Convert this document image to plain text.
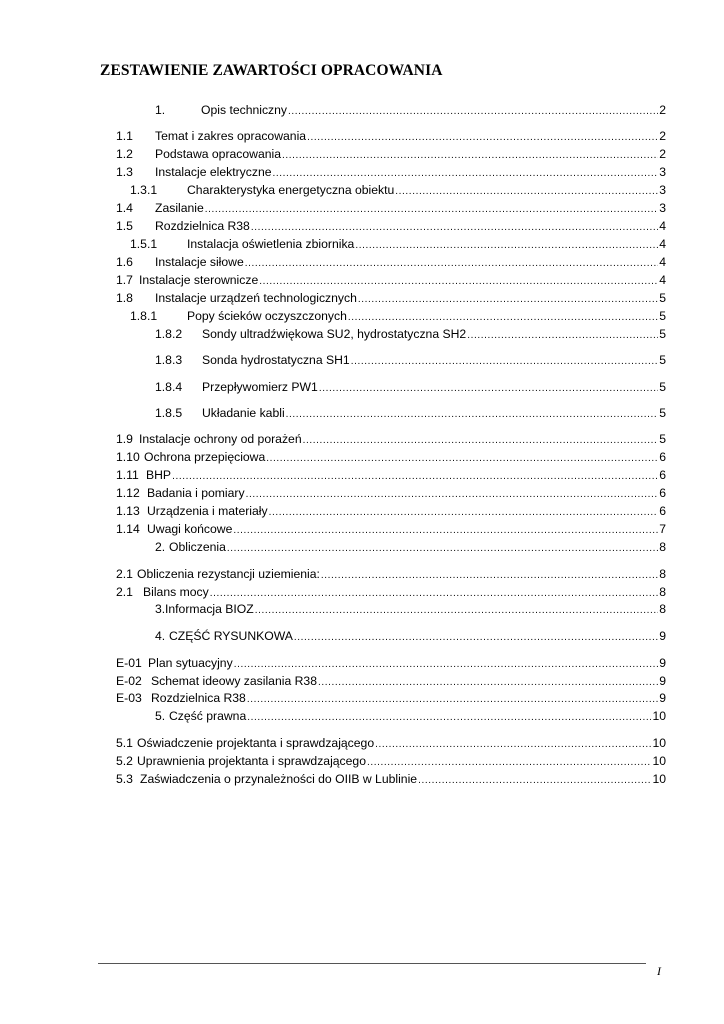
ZESTAWIENIE ZAWARTOŚCI OPRACOWANIA
1.	Opis techniczny .....	2
1.1	Temat i zakres opracowania .....	2
1.2	Podstawa opracowania .....	2
1.3	Instalacje elektryczne .....	3
1.3.1	Charakterystyka energetyczna obiektu .....	3
1.4	Zasilanie .....	3
1.5	Rozdzielnica R38 .....	4
1.5.1	Instalacja oświetlenia zbiornika .....	4
1.6	Instalacje siłowe .....	4
1.7 Instalacje sterownicze .....	4
1.8	Instalacje urządzeń technologicznych .....	5
1.8.1	Popy ścieków oczyszczonych .....	5
1.8.2	Sondy ultradźwiękowa SU2, hydrostatyczna SH2 .....	5
1.8.3	Sonda hydrostatyczna SH1 .....	5
1.8.4	Przepływomierz PW1 .....	5
1.8.5	Układanie kabli .....	5
1.9 Instalacje ochrony od porażeń .....	5
1.10 Ochrona przepięciowa .....	6
1.11 BHP .....	6
1.12 Badania i pomiary .....	6
1.13 Urządzenia i materiały .....	6
1.14 Uwagi końcowe .....	7
2. Obliczenia .....	8
2.1 Obliczenia rezystancji uziemienia: .....	8
2.1 Bilans mocy .....	8
3. Informacja BIOZ .....	8
4. CZĘŚĆ RYSUNKOWA .....	9
E-01 Plan sytuacyjny .....	9
E-02 Schemat ideowy zasilania R38 .....	9
E-03 Rozdzielnica R38 .....	9
5. Część prawna .....	10
5.1 Oświadczenie projektanta i sprawdzającego .....	10
5.2 Uprawnienia projektanta i sprawdzającego .....	10
5.3 Zaświadczenia o przynależności do OIIB w Lublinie .....	10
I
